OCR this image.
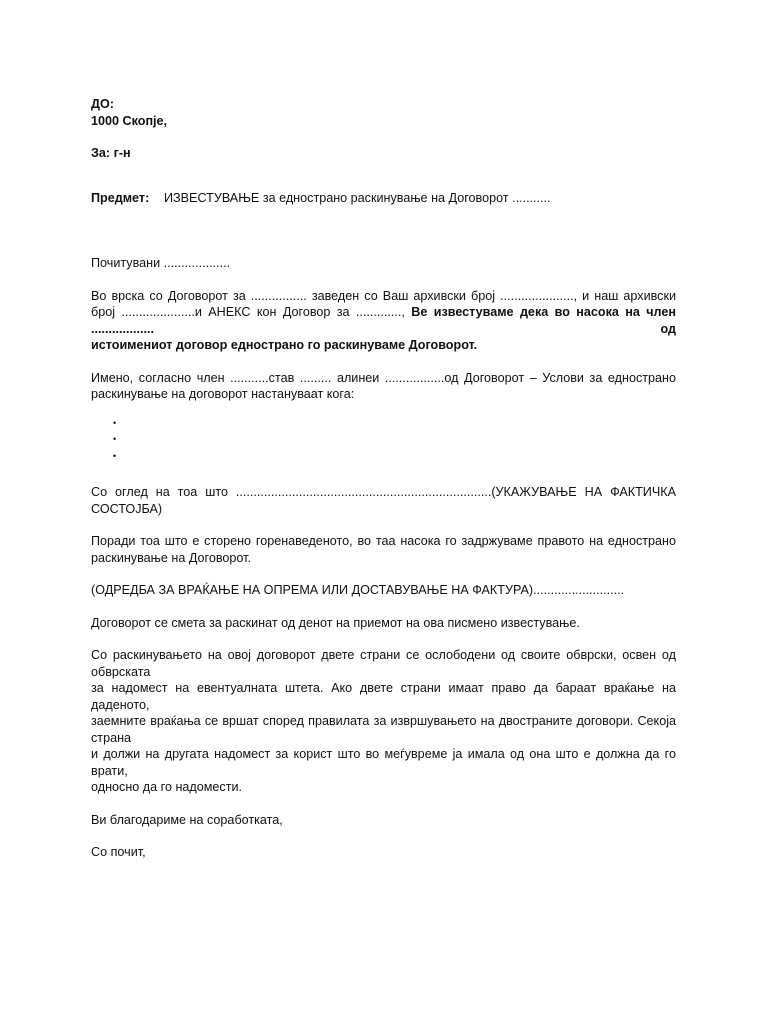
ДО:

1000 Скопје,

За: г-н

Предмет:	ИЗВЕСТУВАЊЕ за еднострано раскинување на Договорот ...........

Почитувани ...................

Во врска со Договорот за ................ заведен со Ваш архивски број ....................., и наш архивски

број .....................и АНЕКС кон Договор за ............., Ве известуваме дека во насока на член .................. од

истоимениот договор еднострано го раскинуваме Договорот.

Имено, согласно член ...........став ......... алинеи .................од Договорот – Услови за еднострано

раскинување на договорот настануваат кога:

•
•
•

Со оглед на тоа што .........................................................................(УКАЖУВАЊЕ НА ФАКТИЧКА

СОСТОЈБА)

Поради тоа што е сторено горенаведеното, во таа насока го задржуваме правото на еднострано

раскинување на Договорот.

(ОДРЕДБА ЗА ВРАЌАЊЕ НА ОПРЕМА ИЛИ ДОСТАВУВАЊЕ НА ФАКТУРА)..........................

Договорот се смета за раскинат од денот на приемот на ова писмено известување.

Со раскинувањето на овој договорот двете страни се ослободени од своите обврски, освен од обврската

за надомест на евентуалната штета. Ако двете страни имаат право да бараат враќање на даденото,

заемните враќања се вршат според правилата за извршувањето на двостраните договори. Секоја страна

и должи на другата надомест за корист што во меѓувреме ја имала од она што е должна да го врати,

односно да го надомести.

Ви благодариме на соработката,

Со почит,
